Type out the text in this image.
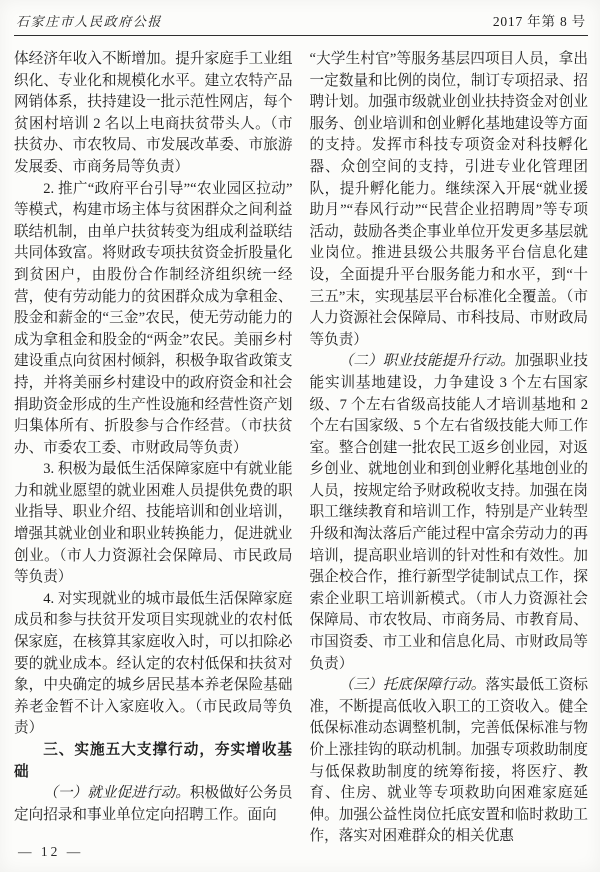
石家庄市人民政府公报	2017 年第 8 号

体经济年收入不断增加。提升家庭手工业组织化、专业化和规模化水平。建立农特产品网销体系，扶持建设一批示范性网店，每个贫困村培训 2 名以上电商扶贫带头人。（市扶贫办、市农牧局、市发展改革委、市旅游发展委、市商务局等负责）

2. 推广“政府平台引导”“农业园区拉动”等模式，构建市场主体与贫困群众之间利益联结机制，由单户扶贫转变为组成利益联结共同体致富。将财政专项扶贫资金折股量化到贫困户，由股份合作制经济组织统一经营，使有劳动能力的贫困群众成为拿租金、股金和薪金的“三金”农民，使无劳动能力的成为拿租金和股金的“两金”农民。美丽乡村建设重点向贫困村倾斜，积极争取省政策支持，并将美丽乡村建设中的政府资金和社会捐助资金形成的生产性设施和经营性资产划归集体所有、折股参与合作经营。（市扶贫办、市委农工委、市财政局等负责）

3. 积极为最低生活保障家庭中有就业能力和就业愿望的就业困难人员提供免费的职业指导、职业介绍、技能培训和创业培训，增强其就业创业和职业转换能力，促进就业创业。（市人力资源社会保障局、市民政局等负责）

4. 对实现就业的城市最低生活保障家庭成员和参与扶贫开发项目实现就业的农村低保家庭，在核算其家庭收入时，可以扣除必要的就业成本。经认定的农村低保和扶贫对象，中央确定的城乡居民基本养老保险基础养老金暂不计入家庭收入。（市民政局等负责）

三、实施五大支撑行动，夯实增收基础

（一）就业促进行动。积极做好公务员定向招录和事业单位定向招聘工作。面向

“大学生村官”等服务基层四项目人员，拿出一定数量和比例的岗位，制订专项招录、招聘计划。加强市级就业创业扶持资金对创业服务、创业培训和创业孵化基地建设等方面的支持。发挥市科技专项资金对科技孵化器、众创空间的支持，引进专业化管理团队，提升孵化能力。继续深入开展“就业援助月”“春风行动”“民营企业招聘周”等专项活动，鼓励各类企事业单位开发更多基层就业岗位。推进县级公共服务平台信息化建设，全面提升平台服务能力和水平，到“十三五”末，实现基层平台标准化全覆盖。（市人力资源社会保障局、市科技局、市财政局等负责）

（二）职业技能提升行动。加强职业技能实训基地建设，力争建设 3 个左右国家级、7 个左右省级高技能人才培训基地和 2 个左右国家级、5 个左右省级技能大师工作室。整合创建一批农民工返乡创业园，对返乡创业、就地创业和到创业孵化基地创业的人员，按规定给予财政税收支持。加强在岗职工继续教育和培训工作，特别是产业转型升级和淘汰落后产能过程中富余劳动力的再培训，提高职业培训的针对性和有效性。加强企校合作，推行新型学徒制试点工作，探索企业职工培训新模式。（市人力资源社会保障局、市农牧局、市商务局、市教育局、市国资委、市工业和信息化局、市财政局等负责）

（三）托底保障行动。落实最低工资标准，不断提高低收入职工的工资收入。健全低保标准动态调整机制，完善低保标准与物价上涨挂钩的联动机制。加强专项救助制度与低保救助制度的统筹衔接，将医疗、教育、住房、就业等专项救助向困难家庭延伸。加强公益性岗位托底安置和临时救助工作，落实对困难群众的相关优惠

— 12 —
